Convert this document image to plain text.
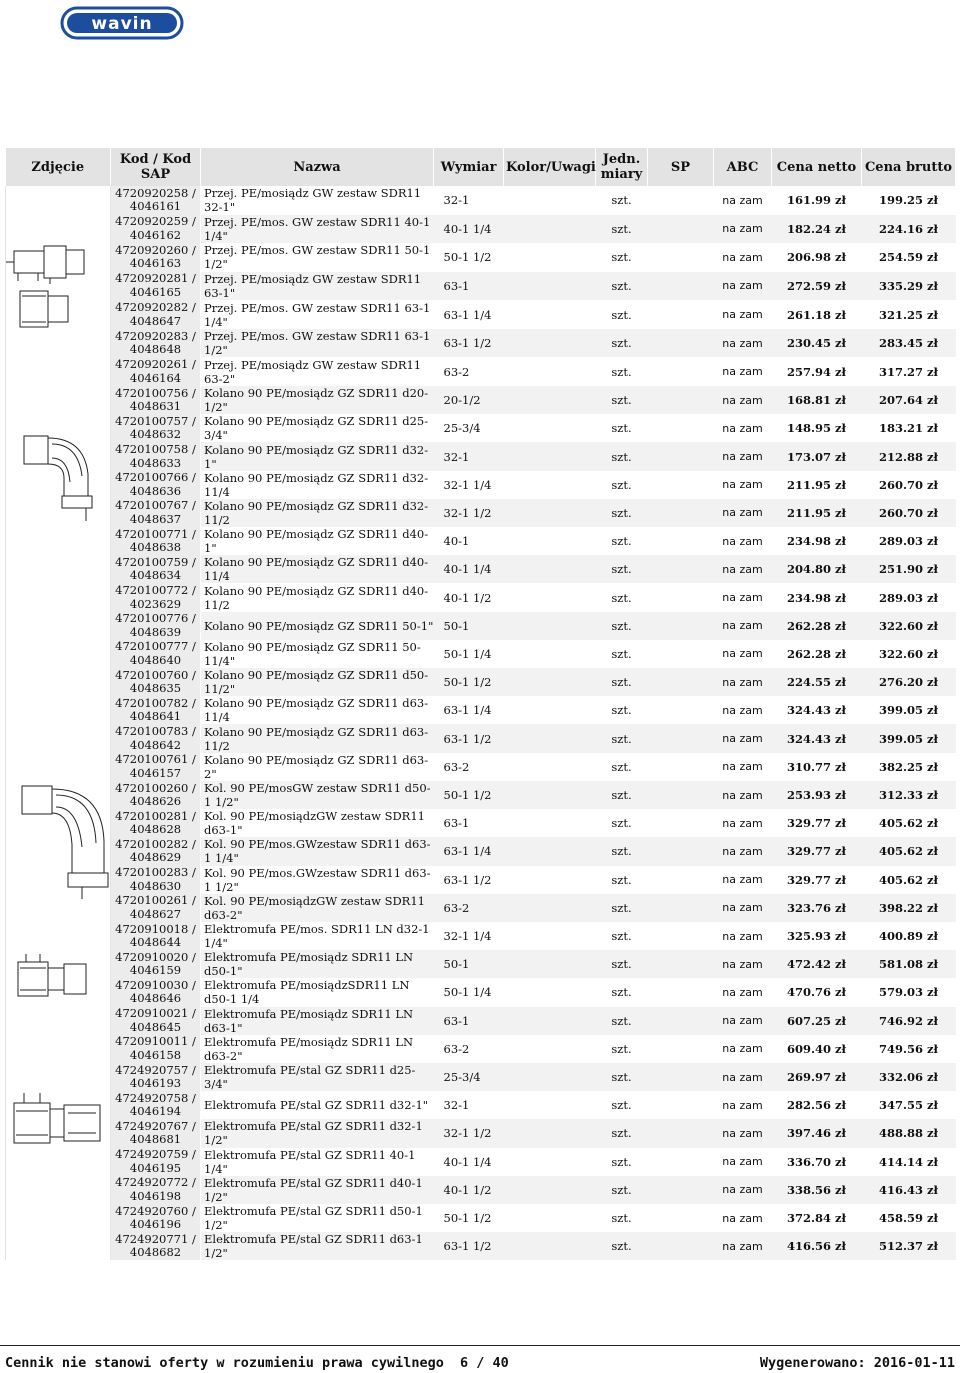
wavin
Zdjęcie	Kod / Kod SAP	Nazwa	Wymiar	Kolor/Uwagi	Jedn. miary	SP	ABC	Cena netto	Cena brutto

	4720920258 / 4046161	Przej. PE/mosiądz GW zestaw SDR11 32-1"	32-1		szt.		na zam	161.99 zł	199.25 zł
	4720920259 / 4046162	Przej. PE/mos. GW zestaw SDR11 40-1 1/4"	40-1 1/4		szt.		na zam	182.24 zł	224.16 zł
	4720920260 / 4046163	Przej. PE/mos. GW zestaw SDR11 50-1 1/2"	50-1 1/2		szt.		na zam	206.98 zł	254.59 zł
	4720920281 / 4046165	Przej. PE/mosiądz GW zestaw SDR11 63-1"	63-1		szt.		na zam	272.59 zł	335.29 zł
	4720920282 / 4048647	Przej. PE/mos. GW zestaw SDR11 63-1 1/4"	63-1 1/4		szt.		na zam	261.18 zł	321.25 zł
	4720920283 / 4048648	Przej. PE/mos. GW zestaw SDR11 63-1 1/2"	63-1 1/2		szt.		na zam	230.45 zł	283.45 zł
	4720920261 / 4046164	Przej. PE/mosiądz GW zestaw SDR11 63-2"	63-2		szt.		na zam	257.94 zł	317.27 zł

	4720100756 / 4048631	Kolano 90 PE/mosiądz GZ SDR11 d20-1/2"	20-1/2		szt.		na zam	168.81 zł	207.64 zł
	4720100757 / 4048632	Kolano 90 PE/mosiądz GZ SDR11 d25-3/4"	25-3/4		szt.		na zam	148.95 zł	183.21 zł
	4720100758 / 4048633	Kolano 90 PE/mosiądz GZ SDR11 d32-1"	32-1		szt.		na zam	173.07 zł	212.88 zł
	4720100766 / 4048636	Kolano 90 PE/mosiądz GZ SDR11 d32-11/4	32-1 1/4		szt.		na zam	211.95 zł	260.70 zł
	4720100767 / 4048637	Kolano 90 PE/mosiądz GZ SDR11 d32-11/2	32-1 1/2		szt.		na zam	211.95 zł	260.70 zł
	4720100771 / 4048638	Kolano 90 PE/mosiądz GZ SDR11 d40-1"	40-1		szt.		na zam	234.98 zł	289.03 zł
	4720100759 / 4048634	Kolano 90 PE/mosiądz GZ SDR11 d40-11/4	40-1 1/4		szt.		na zam	204.80 zł	251.90 zł
	4720100772 / 4023629	Kolano 90 PE/mosiądz GZ SDR11 d40-11/2	40-1 1/2		szt.		na zam	234.98 zł	289.03 zł
	4720100776 / 4048639	Kolano 90 PE/mosiądz GZ SDR11 50-1"	50-1		szt.		na zam	262.28 zł	322.60 zł
	4720100777 / 4048640	Kolano 90 PE/mosiądz GZ SDR11 50-11/4"	50-1 1/4		szt.		na zam	262.28 zł	322.60 zł
	4720100760 / 4048635	Kolano 90 PE/mosiądz GZ SDR11 d50-11/2"	50-1 1/2		szt.		na zam	224.55 zł	276.20 zł
	4720100782 / 4048641	Kolano 90 PE/mosiądz GZ SDR11 d63-11/4	63-1 1/4		szt.		na zam	324.43 zł	399.05 zł
	4720100783 / 4048642	Kolano 90 PE/mosiądz GZ SDR11 d63-11/2	63-1 1/2		szt.		na zam	324.43 zł	399.05 zł
	4720100761 / 4046157	Kolano 90 PE/mosiądz GZ SDR11 d63-2"	63-2		szt.		na zam	310.77 zł	382.25 zł

	4720100260 / 4048626	Kol. 90 PE/mosGW zestaw SDR11 d50-1 1/2"	50-1 1/2		szt.		na zam	253.93 zł	312.33 zł
	4720100281 / 4048628	Kol. 90 PE/mosiądzGW zestaw SDR11 d63-1"	63-1		szt.		na zam	329.77 zł	405.62 zł
	4720100282 / 4048629	Kol. 90 PE/mos.GWzestaw SDR11 d63-1 1/4"	63-1 1/4		szt.		na zam	329.77 zł	405.62 zł
	4720100283 / 4048630	Kol. 90 PE/mos.GWzestaw SDR11 d63-1 1/2"	63-1 1/2		szt.		na zam	329.77 zł	405.62 zł
	4720100261 / 4048627	Kol. 90 PE/mosiądzGW zestaw SDR11 d63-2"	63-2		szt.		na zam	323.76 zł	398.22 zł

	4720910018 / 4048644	Elektromufa PE/mos. SDR11 LN d32-1 1/4"	32-1 1/4		szt.		na zam	325.93 zł	400.89 zł
	4720910020 / 4046159	Elektromufa PE/mosiądz SDR11 LN d50-1"	50-1		szt.		na zam	472.42 zł	581.08 zł
	4720910030 / 4048646	Elektromufa PE/mosiądzSDR11 LN d50-1 1/4	50-1 1/4		szt.		na zam	470.76 zł	579.03 zł
	4720910021 / 4048645	Elektromufa PE/mosiądz SDR11 LN d63-1"	63-1		szt.		na zam	607.25 zł	746.92 zł
	4720910011 / 4046158	Elektromufa PE/mosiądz SDR11 LN d63-2"	63-2		szt.		na zam	609.40 zł	749.56 zł

	4724920757 / 4046193	Elektromufa PE/stal GZ SDR11 d25-3/4"	25-3/4		szt.		na zam	269.97 zł	332.06 zł
	4724920758 / 4046194	Elektromufa PE/stal GZ SDR11 d32-1"	32-1		szt.		na zam	282.56 zł	347.55 zł
	4724920767 / 4048681	Elektromufa PE/stal GZ SDR11 d32-1 1/2"	32-1 1/2		szt.		na zam	397.46 zł	488.88 zł
	4724920759 / 4046195	Elektromufa PE/stal GZ SDR11 40-1 1/4"	40-1 1/4		szt.		na zam	336.70 zł	414.14 zł
	4724920772 / 4046198	Elektromufa PE/stal GZ SDR11 d40-1 1/2"	40-1 1/2		szt.		na zam	338.56 zł	416.43 zł
	4724920760 / 4046196	Elektromufa PE/stal GZ SDR11 d50-1 1/2"	50-1 1/2		szt.		na zam	372.84 zł	458.59 zł
	4724920771 / 4048682	Elektromufa PE/stal GZ SDR11 d63-1 1/2"	63-1 1/2		szt.		na zam	416.56 zł	512.37 zł
Cennik nie stanowi oferty w rozumieniu prawa cywilnego 6 / 40	Wygenerowano: 2016-01-11
